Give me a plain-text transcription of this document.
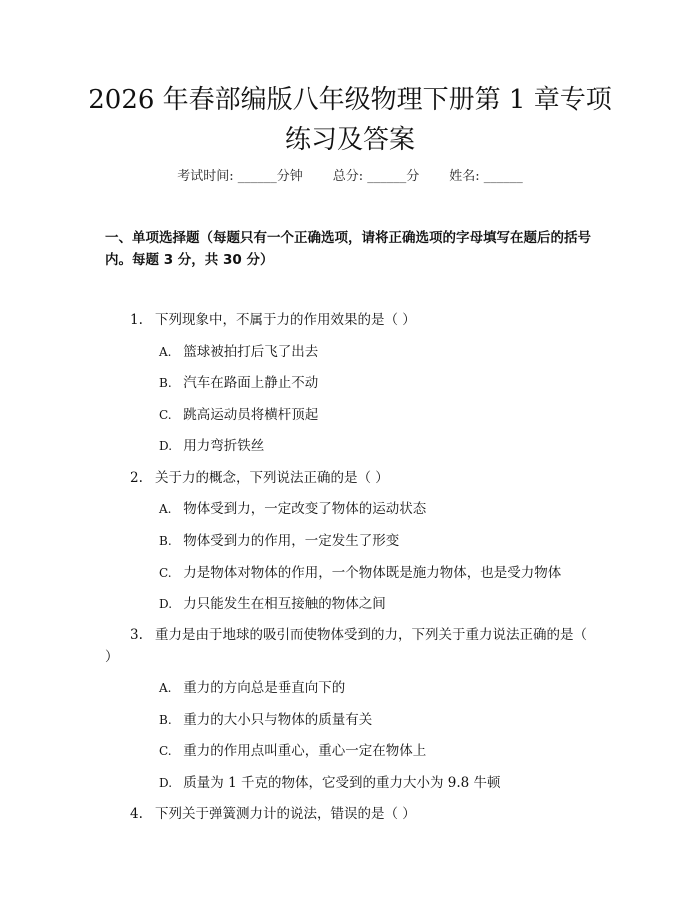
2026 年春部编版八年级物理下册第 1 章专项
练习及答案
考试时间: ______分钟 总分: ______分 姓名: ______

一、单项选择题（每题只有一个正确选项，请将正确选项的字母填写在题后的括号内。每题 3 分，共 30 分）

1. 下列现象中，不属于力的作用效果的是（ ）
A. 篮球被拍打后飞了出去
B. 汽车在路面上静止不动
C. 跳高运动员将横杆顶起
D. 用力弯折铁丝
2. 关于力的概念，下列说法正确的是（ ）
A. 物体受到力，一定改变了物体的运动状态
B. 物体受到力的作用，一定发生了形变
C. 力是物体对物体的作用，一个物体既是施力物体，也是受力物体
D. 力只能发生在相互接触的物体之间
3. 重力是由于地球的吸引而使物体受到的力，下列关于重力说法正确的是（ ）
A. 重力的方向总是垂直向下的
B. 重力的大小只与物体的质量有关
C. 重力的作用点叫重心，重心一定在物体上
D. 质量为 1 千克的物体，它受到的重力大小为 9.8 牛顿
4. 下列关于弹簧测力计的说法，错误的是（ ）
